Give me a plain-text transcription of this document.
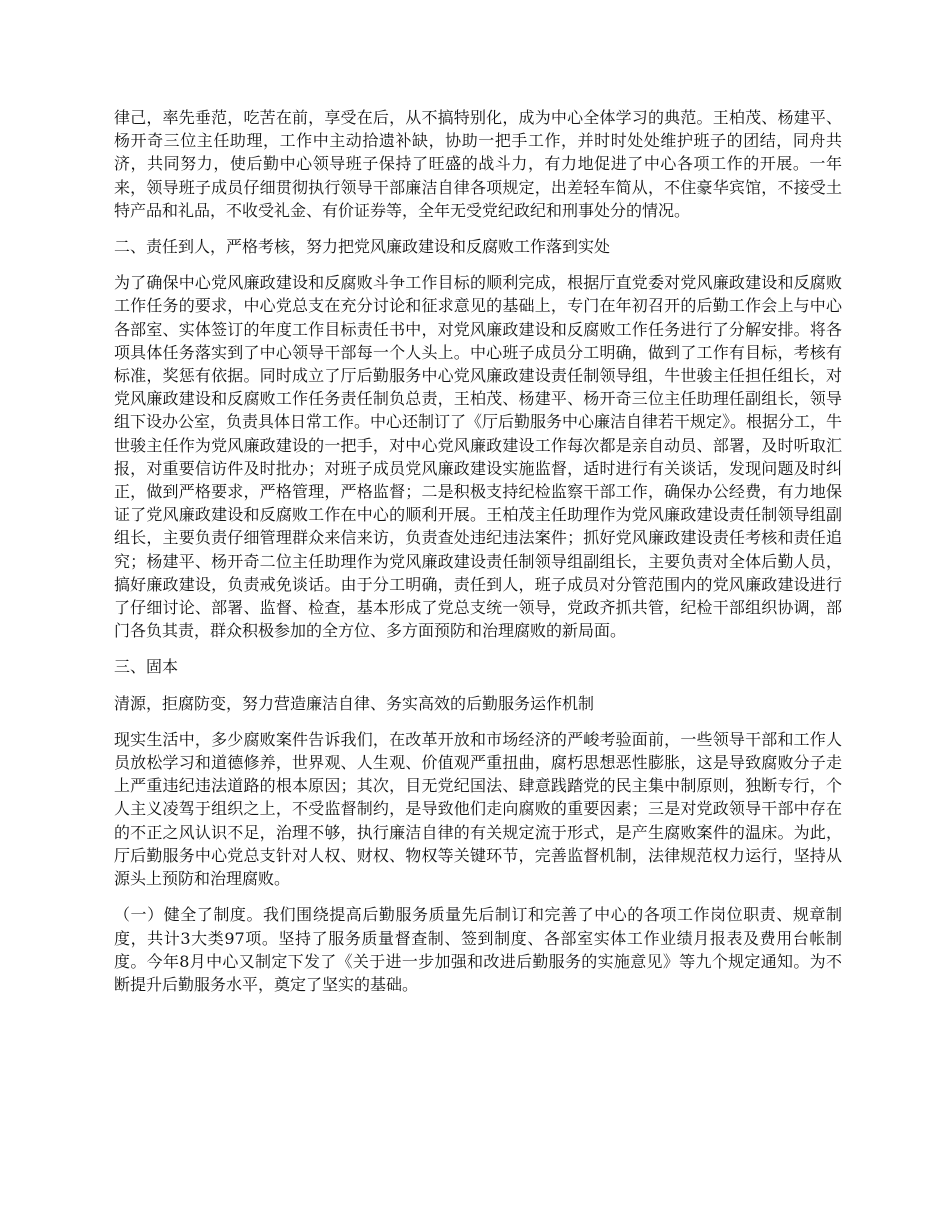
律己，率先垂范，吃苦在前，享受在后，从不搞特别化，成为中心全体学习的典范。王柏茂、杨建平、杨开奇三位主任助理，工作中主动拾遗补缺，协助一把手工作，并时时处处维护班子的团结，同舟共济，共同努力，使后勤中心领导班子保持了旺盛的战斗力，有力地促进了中心各项工作的开展。一年来，领导班子成员仔细贯彻执行领导干部廉洁自律各项规定，出差轻车简从，不住豪华宾馆，不接受土特产品和礼品，不收受礼金、有价证券等，全年无受党纪政纪和刑事处分的情况。

二、责任到人，严格考核，努力把党风廉政建设和反腐败工作落到实处

为了确保中心党风廉政建设和反腐败斗争工作目标的顺利完成，根据厅直党委对党风廉政建设和反腐败工作任务的要求，中心党总支在充分讨论和征求意见的基础上，专门在年初召开的后勤工作会上与中心各部室、实体签订的年度工作目标责任书中，对党风廉政建设和反腐败工作任务进行了分解安排。将各项具体任务落实到了中心领导干部每一个人头上。中心班子成员分工明确，做到了工作有目标，考核有标准，奖惩有依据。同时成立了厅后勤服务中心党风廉政建设责任制领导组，牛世骏主任担任组长，对党风廉政建设和反腐败工作任务责任制负总责，王柏茂、杨建平、杨开奇三位主任助理任副组长，领导组下设办公室，负责具体日常工作。中心还制订了《厅后勤服务中心廉洁自律若干规定》。根据分工，牛世骏主任作为党风廉政建设的一把手，对中心党风廉政建设工作每次都是亲自动员、部署，及时听取汇报，对重要信访件及时批办；对班子成员党风廉政建设实施监督，适时进行有关谈话，发现问题及时纠正，做到严格要求，严格管理，严格监督；二是积极支持纪检监察干部工作，确保办公经费，有力地保证了党风廉政建设和反腐败工作在中心的顺利开展。王柏茂主任助理作为党风廉政建设责任制领导组副组长，主要负责仔细管理群众来信来访，负责查处违纪违法案件；抓好党风廉政建设责任考核和责任追究；杨建平、杨开奇二位主任助理作为党风廉政建设责任制领导组副组长，主要负责对全体后勤人员，搞好廉政建设，负责戒免谈话。由于分工明确，责任到人，班子成员对分管范围内的党风廉政建设进行了仔细讨论、部署、监督、检查，基本形成了党总支统一领导，党政齐抓共管，纪检干部组织协调，部门各负其责，群众积极参加的全方位、多方面预防和治理腐败的新局面。

三、固本

清源，拒腐防变，努力营造廉洁自律、务实高效的后勤服务运作机制

现实生活中，多少腐败案件告诉我们，在改革开放和市场经济的严峻考验面前，一些领导干部和工作人员放松学习和道德修养，世界观、人生观、价值观严重扭曲，腐朽思想恶性膨胀，这是导致腐败分子走上严重违纪违法道路的根本原因；其次，目无党纪国法、肆意践踏党的民主集中制原则，独断专行，个人主义凌驾于组织之上，不受监督制约，是导致他们走向腐败的重要因素；三是对党政领导干部中存在的不正之风认识不足，治理不够，执行廉洁自律的有关规定流于形式，是产生腐败案件的温床。为此，厅后勤服务中心党总支针对人权、财权、物权等关键环节，完善监督机制，法律规范权力运行，坚持从源头上预防和治理腐败。

（一）健全了制度。我们围绕提高后勤服务质量先后制订和完善了中心的各项工作岗位职责、规章制度，共计3大类97项。坚持了服务质量督查制、签到制度、各部室实体工作业绩月报表及费用台帐制度。今年8月中心又制定下发了《关于进一步加强和改进后勤服务的实施意见》等九个规定通知。为不断提升后勤服务水平，奠定了坚实的基础。
